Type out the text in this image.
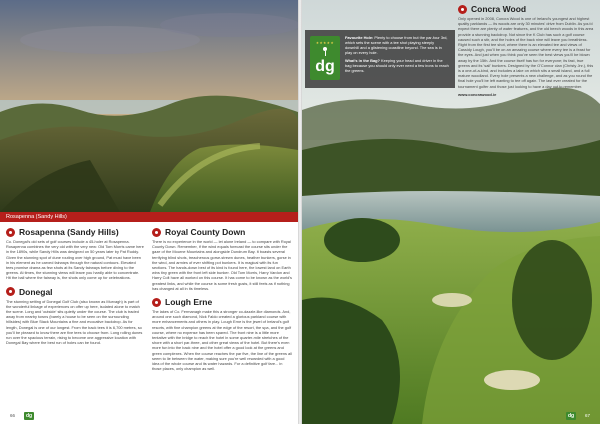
Rosapenna (Sandy Hills)
Rosapenna (Sandy Hills)

Co. Donegal's old sets of golf courses include a 45-holer at Rosapenna. Rosapenna combines the very old with the very new: Old Tom Morris came here in the 1890s, while Sandy Hills was designed on 50 years later by Pat Ruddy. Given the stunning spot of dune routing over high ground, Pat must have been in his element as he carved fairways through the natural contours. Elevated tees promise drama as few shots at its Sandy fairways before diving to the greens. At times, the stunning views will leave you hardly able to concentrate. Hit the ball where the fairway is, the shots only come up for celebrations.

Donegal

The stunning setting of Donegal Golf Club (also known as Murvagh) is part of the wonderful linkage of experiences on offer up here, isolated alone to match the scene. Long and 'outside' sits quietly under the course. The club is traded away from nearby towns (barely a house to be seen on the surrounding hillsides) with Blue Stack Mountains a fine and evocative backdrop. As for length, Donegal is one of our longest. From the back tees it is 6,700 metres, so you'll be pleased to know there are five tees to choose from. Long rolling dunes run over the spacious terrain, rising to become one aggressive location with Donegal Bay where the best run of holes can be found.

Royal County Down

There is no experience in the world — let alone Ireland — to compare with Royal County Down. Remember, if the wind equals forecast the course sits under the gaze of the Mourne Mountains and alongside Dundrum Bay. It boasts several terrifying blind shots, treacherous gorse-strewn dunes, heather bunkers, gorse in the wind, and armies of ever shifting pot bunkers. It is magical with its fun sections. The hands-down best of its kind is found here, the lowest land on Earth wins tiny green with the front left side bunker. Old Tom Morris, Harry Vardon and Harry Colt have all worked on this course. It has come to be known as the world's greatest links, and while the course is some fresh gusts, it still feels as if nothing has changed at all in its timeless.

Lough Erne

The lakes of Co. Fermanagh make this a stronger co-dazzle-like diamonds. And, around one such diamond, Nick Faldo created a glorious parkland course with more enhancements and others in play. Lough Erne is the jewel of Ireland's golf resorts, with fine champion greens at the edge of the resort, the spa, and the golf course, where no expense has been spared. The front nine is a little more tentative with the bridge to reach the hotel in some quarter-mile stretches of the shore with a short par-three, and other great views of the hotel. But there's even more fun into the back nine and the hotel offer a good look at the greens and green complexes. When the course reaches the par five, the line of the greens all seem to lie between the water, making sure you're well rewarded with a good idea of the whole course and its water hazards. For a definitive golf fare... in those places, only champion as well.

66	dg
★★★★★
dg

Favourite Hole: Plenty to choose from but the par-four 3rd, which sets the scene with a tee shot playing steeply downhill and a glistening coastline beyond. The sea is in play on every hole.

What's in the Bag? Keeping your head and driver in the bag because you should only ever need a few irons to reach the greens.

Concra Wood

Only opened in 2008, Concra Wood is one of Ireland's youngest and highest quality parklands — its woods are only 30 minutes' drive from Dublin. As you'd expect there are plenty of water features, and the old beech woods in this area provide a stunning backdrop. Not since the K Club has such a golf course caused such a stir, and the holes of the back nine will leave you breathless. Right from the first tee shot, where there is an elevated tee and views of Cassidy Lough, you'll be on an amazing course where every tee is a feast for the eyes. And just when you think you've seen the best views you'll be blown away by the 15th. And the course itself has fun for everyone; its fast, true greens and its 'sail' bunkers. Designed by the O'Connor clan (Christy Jnr.), this is a one-of-a-kind, and includes a lake on which sits a small island, and a full mature woodland. Every hole presents a new challenge, and as you round the final hole you'll be left wanting to tee off again. The last ever created for the tournament golfer and those just looking to have a day out to remember.

www.concrawood.ie
dg	67
